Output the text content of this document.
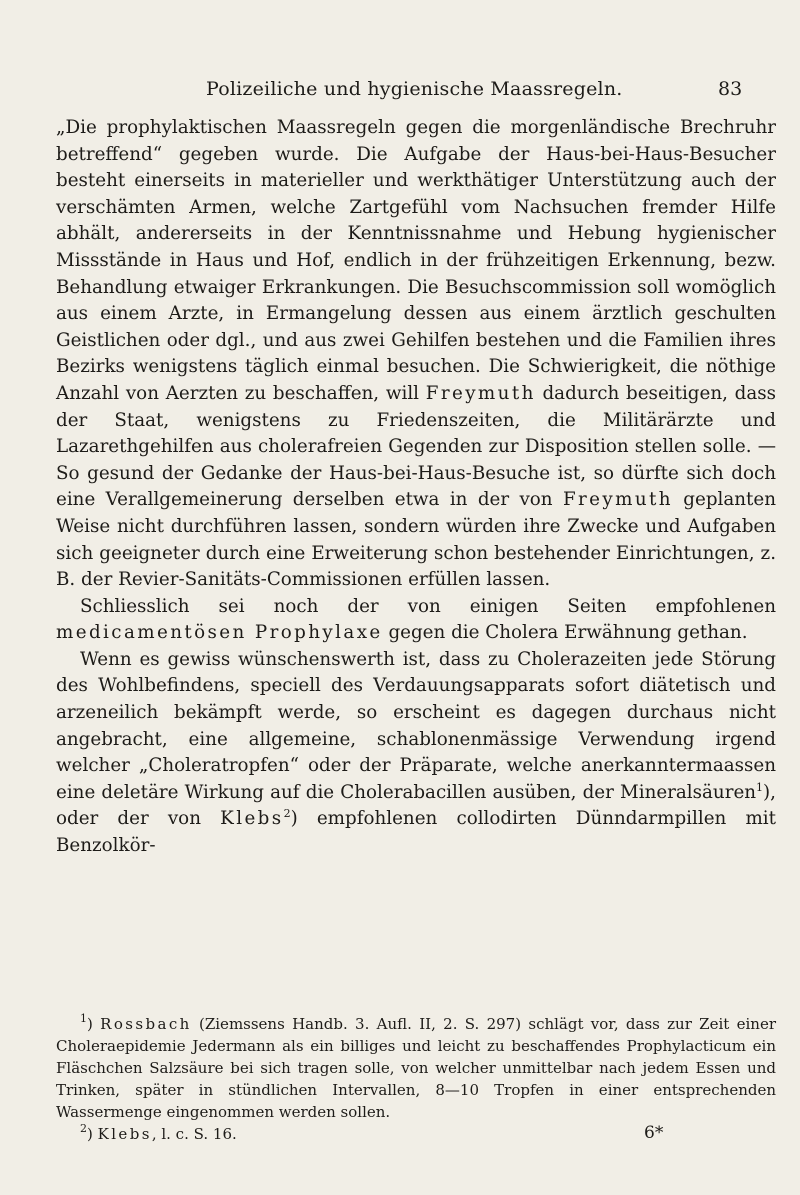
Polizeiliche und hygienische Maassregeln.	83

„Die prophylaktischen Maassregeln gegen die morgenländische Brechruhr betreffend“ gegeben wurde. Die Aufgabe der Haus-bei-Haus-Besucher besteht einerseits in materieller und werkthätiger Unterstützung auch der verschämten Armen, welche Zartgefühl vom Nachsuchen fremder Hilfe abhält, andererseits in der Kenntnissnahme und Hebung hygienischer Missstände in Haus und Hof, endlich in der frühzeitigen Erkennung, bezw. Behandlung etwaiger Erkrankungen. Die Besuchscommission soll womöglich aus einem Arzte, in Ermangelung dessen aus einem ärztlich geschulten Geistlichen oder dgl., und aus zwei Gehilfen bestehen und die Familien ihres Bezirks wenigstens täglich einmal besuchen. Die Schwierigkeit, die nöthige Anzahl von Aerzten zu beschaffen, will Freymuth dadurch beseitigen, dass der Staat, wenigstens zu Friedenszeiten, die Militärärzte und Lazarethgehilfen aus cholerafreien Gegenden zur Disposition stellen solle. — So gesund der Gedanke der Haus-bei-Haus-Besuche ist, so dürfte sich doch eine Verallgemeinerung derselben etwa in der von Freymuth geplanten Weise nicht durchführen lassen, sondern würden ihre Zwecke und Aufgaben sich geeigneter durch eine Erweiterung schon bestehender Einrichtungen, z. B. der Revier-Sanitäts-Commissionen erfüllen lassen.

Schliesslich sei noch der von einigen Seiten empfohlenen medicamentösen Prophylaxe gegen die Cholera Erwähnung gethan.

Wenn es gewiss wünschenswerth ist, dass zu Cholerazeiten jede Störung des Wohlbefindens, speciell des Verdauungsapparats sofort diätetisch und arzeneilich bekämpft werde, so erscheint es dagegen durchaus nicht angebracht, eine allgemeine, schablonenmässige Verwendung irgend welcher „Choleratropfen“ oder der Präparate, welche anerkanntermaassen eine deletäre Wirkung auf die Cholerabacillen ausüben, der Mineralsäuren$^1$), oder der von Klebs$^2$) empfohlenen collodirten Dünndarmpillen mit Benzolkör-

$^1$) Rossbach (Ziemssens Handb. 3. Aufl. II, 2. S. 297) schlägt vor, dass zur Zeit einer Choleraepidemie Jedermann als ein billiges und leicht zu beschaffendes Prophylacticum ein Fläschchen Salzsäure bei sich tragen solle, von welcher unmittelbar nach jedem Essen und Trinken, später in stündlichen Intervallen, 8—10 Tropfen in einer entsprechenden Wassermenge eingenommen werden sollen.

$^2$) Klebs, l. c. S. 16.	6*
